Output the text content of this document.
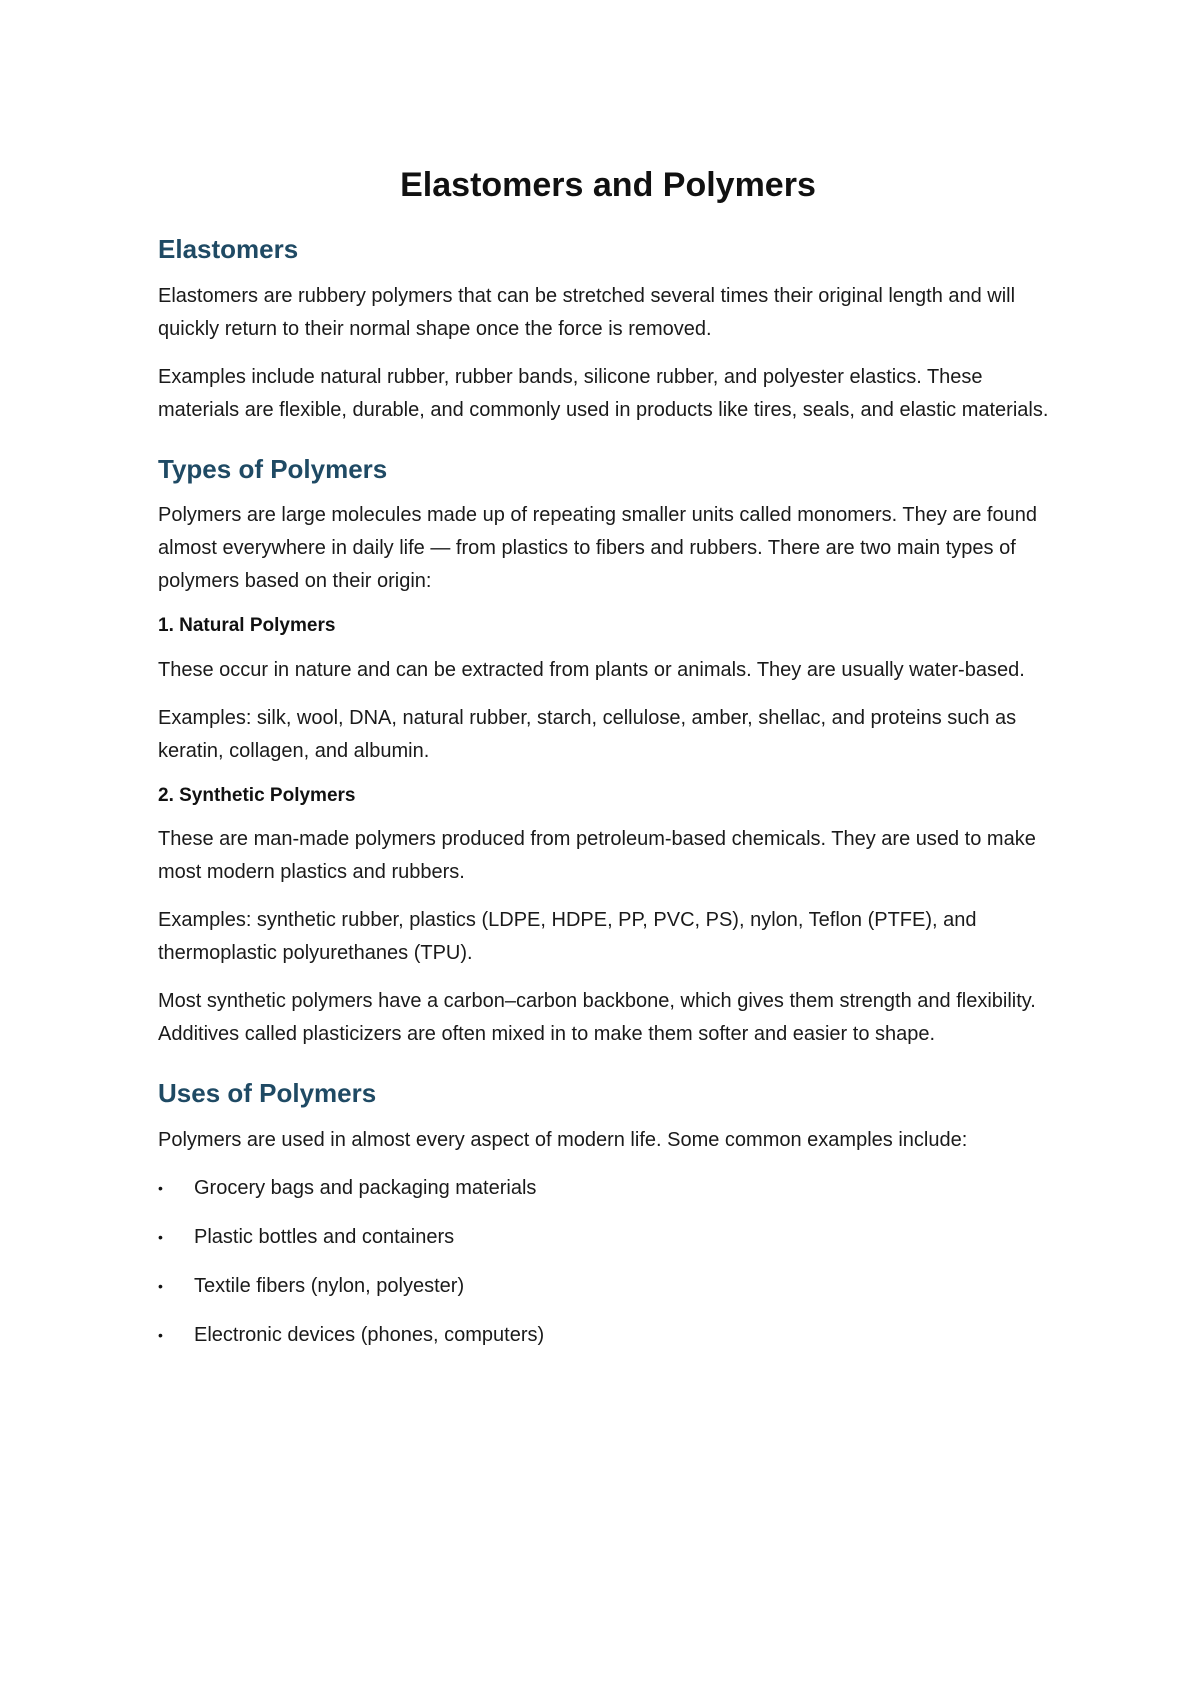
Elastomers and Polymers
Elastomers

Elastomers are rubbery polymers that can be stretched several times their original length and will quickly return to their normal shape once the force is removed.

Examples include natural rubber, rubber bands, silicone rubber, and polyester elastics. These materials are flexible, durable, and commonly used in products like tires, seals, and elastic materials.

Types of Polymers

Polymers are large molecules made up of repeating smaller units called monomers. They are found almost everywhere in daily life — from plastics to fibers and rubbers. There are two main types of polymers based on their origin:

1. Natural Polymers

These occur in nature and can be extracted from plants or animals. They are usually water-based.

Examples: silk, wool, DNA, natural rubber, starch, cellulose, amber, shellac, and proteins such as keratin, collagen, and albumin.

2. Synthetic Polymers

These are man-made polymers produced from petroleum-based chemicals. They are used to make most modern plastics and rubbers.

Examples: synthetic rubber, plastics (LDPE, HDPE, PP, PVC, PS), nylon, Teflon (PTFE), and thermoplastic polyurethanes (TPU).

Most synthetic polymers have a carbon–carbon backbone, which gives them strength and flexibility. Additives called plasticizers are often mixed in to make them softer and easier to shape.

Uses of Polymers

Polymers are used in almost every aspect of modern life. Some common examples include:

• Grocery bags and packaging materials
• Plastic bottles and containers
• Textile fibers (nylon, polyester)
• Electronic devices (phones, computers)
